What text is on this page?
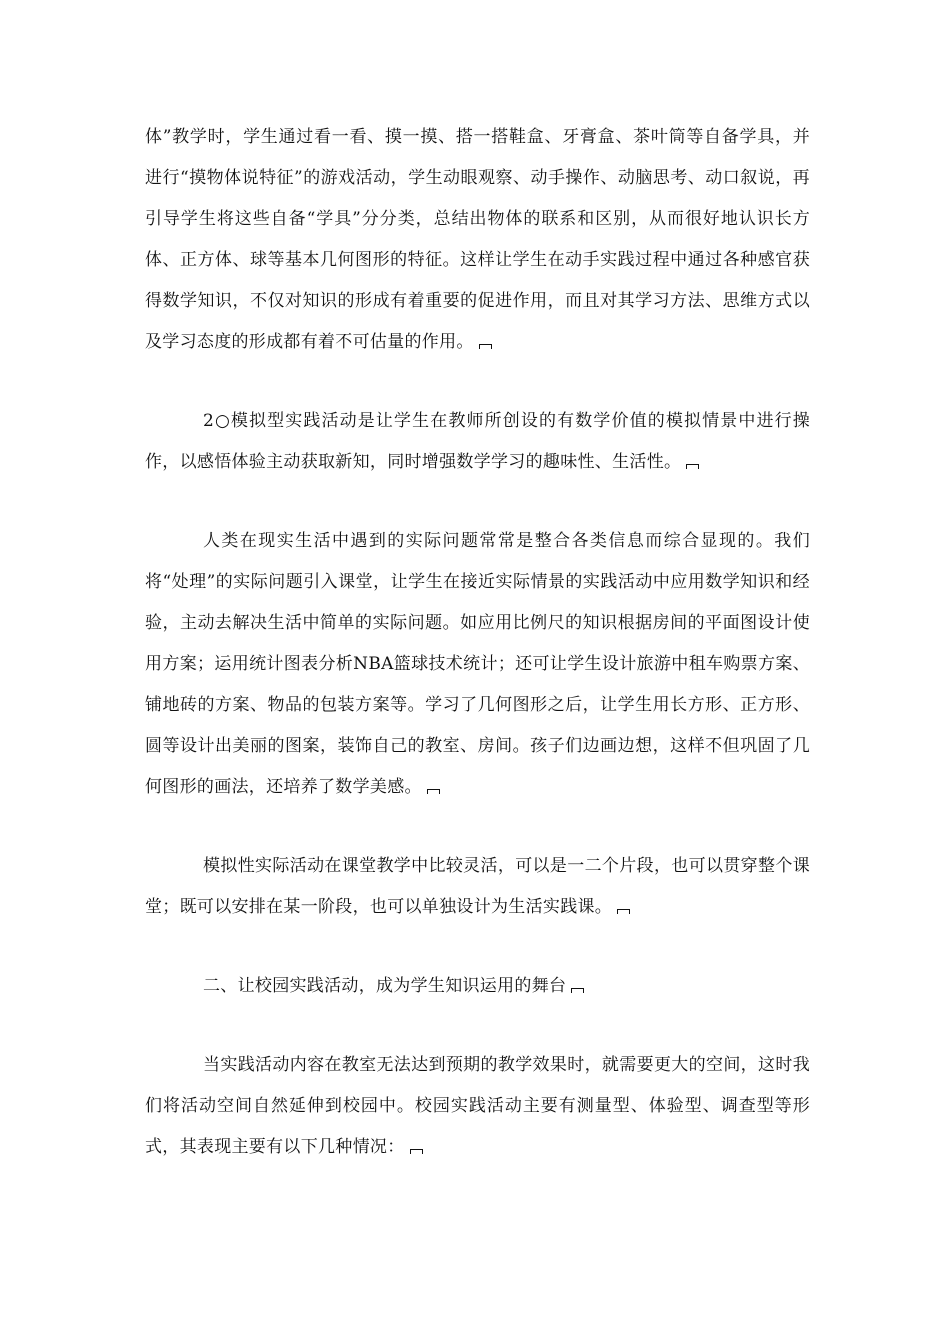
体”教学时，学生通过看一看、摸一摸、搭一搭鞋盒、牙膏盒、茶叶筒等自备学具，并进行“摸物体说特征”的游戏活动，学生动眼观察、动手操作、动脑思考、动口叙说，再引导学生将这些自备“学具”分分类，总结出物体的联系和区别，从而很好地认识长方体、正方体、球等基本几何图形的特征。这样让学生在动手实践过程中通过各种感官获得数学知识，不仅对知识的形成有着重要的促进作用，而且对其学习方法、思维方式以及学习态度的形成都有着不可估量的作用。

2○模拟型实践活动是让学生在教师所创设的有数学价值的模拟情景中进行操作，以感悟体验主动获取新知，同时增强数学学习的趣味性、生活性。

人类在现实生活中遇到的实际问题常常是整合各类信息而综合显现的。我们将“处理”的实际问题引入课堂，让学生在接近实际情景的实践活动中应用数学知识和经验，主动去解决生活中简单的实际问题。如应用比例尺的知识根据房间的平面图设计使用方案；运用统计图表分析NBA篮球技术统计；还可让学生设计旅游中租车购票方案、铺地砖的方案、物品的包装方案等。学习了几何图形之后，让学生用长方形、正方形、圆等设计出美丽的图案，装饰自己的教室、房间。孩子们边画边想，这样不但巩固了几何图形的画法，还培养了数学美感。

模拟性实际活动在课堂教学中比较灵活，可以是一二个片段，也可以贯穿整个课堂；既可以安排在某一阶段，也可以单独设计为生活实践课。

二、让校园实践活动，成为学生知识运用的舞台

当实践活动内容在教室无法达到预期的教学效果时，就需要更大的空间，这时我们将活动空间自然延伸到校园中。校园实践活动主要有测量型、体验型、调查型等形式，其表现主要有以下几种情况：
